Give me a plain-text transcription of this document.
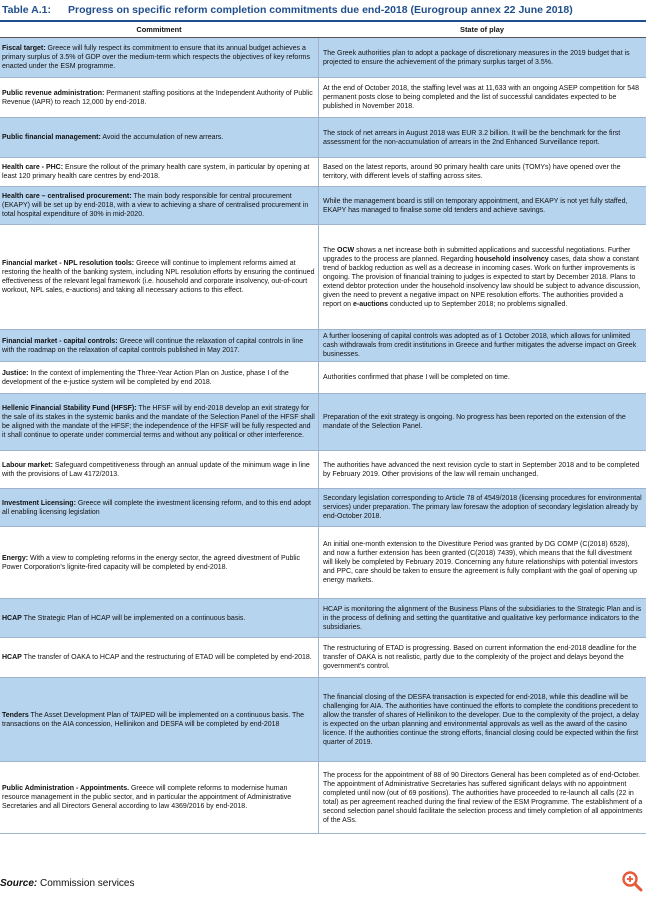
Table A.1:	Progress on specific reform completion commitments due end-2018 (Eurogroup annex 22 June 2018)
Commitment	State of play
Fiscal target: Greece will fully respect its commitment to ensure that its annual budget achieves a primary surplus of 3.5% of GDP over the medium-term which respects the objectives of key reforms enacted under the ESM programme.
The Greek authorities plan to adopt a package of discretionary measures in the 2019 budget that is projected to ensure the achievement of the primary surplus target of 3.5%.
Public revenue administration: Permanent staffing positions at the Independent Authority of Public Revenue (IAPR) to reach 12,000 by end-2018.
At the end of October 2018, the staffing level was at 11,633 with an ongoing ASEP competition for 548 permanent posts close to being completed and the list of successful candidates expected to be published in November 2018.
Public financial management: Avoid the accumulation of new arrears.
The stock of net arrears in August 2018 was EUR 3.2 billion. It will be the benchmark for the first assessment for the non-accumulation of arrears in the 2nd Enhanced Surveillance report.
Health care - PHC: Ensure the rollout of the primary health care system, in particular by opening at least 120 primary health care centres by end-2018.
Based on the latest reports, around 90 primary health care units (TOMYs) have opened over the territory, with different levels of staffing across sites.
Health care – centralised procurement: The main body responsible for central procurement (EKAPY) will be set up by end-2018, with a view to achieving a share of centralised procurement in total hospital expenditure of 30% in mid-2020.
While the management board is still on temporary appointment, and EKAPY is not yet fully staffed, EKAPY has managed to finalise some old tenders and achieve savings.
Financial market - NPL resolution tools: Greece will continue to implement reforms aimed at restoring the health of the banking system, including NPL resolution efforts by ensuring the continued effectiveness of the relevant legal framework (i.e. household and corporate insolvency, out-of-court workout, NPL sales, e-auctions) and taking all necessary actions to this effect.
The OCW shows a net increase both in submitted applications and successful negotiations. Further upgrades to the process are planned. Regarding household insolvency cases, data show a constant trend of backlog reduction as well as a decrease in incoming cases. Work on further improvements is ongoing. The provision of financial training to judges is expected to start by December 2018. Plans to extend debtor protection under the household insolvency law should be subject to advance discussion, given the need to prevent a negative impact on NPE resolution efforts. The authorities provided a report on e-auctions conducted up to September 2018; no problems signalled.
Financial market - capital controls: Greece will continue the relaxation of capital controls in line with the roadmap on the relaxation of capital controls published in May 2017.
A further loosening of capital controls was adopted as of 1 October 2018, which allows for unlimited cash withdrawals from credit institutions in Greece and further mitigates the adverse impact on Greek businesses.
Justice: In the context of implementing the Three-Year Action Plan on Justice, phase I of the development of the e-justice system will be completed by end 2018.
Authorities confirmed that phase I will be completed on time.
Hellenic Financial Stability Fund (HFSF): The HFSF will by end-2018 develop an exit strategy for the sale of its stakes in the systemic banks and the mandate of the Selection Panel of the HFSF shall be aligned with the mandate of the HFSF; the independence of the HFSF will be fully respected and it shall continue to operate under commercial terms and without any political or other interference.
Preparation of the exit strategy is ongoing. No progress has been reported on the extension of the mandate of the Selection Panel.
Labour market: Safeguard competitiveness through an annual update of the minimum wage in line with the provisions of Law 4172/2013.
The authorities have advanced the next revision cycle to start in September 2018 and to be completed by February 2019. Other provisions of the law will remain unchanged.
Investment Licensing: Greece will complete the investment licensing reform, and to this end adopt all enabling licensing legislation
Secondary legislation corresponding to Article 78 of 4549/2018 (licensing procedures for environmental services) under preparation. The primary law foresaw the adoption of secondary legislation already by end-October 2018.
Energy: With a view to completing reforms in the energy sector, the agreed divestment of Public Power Corporation's lignite-fired capacity will be completed by end-2018.
An initial one-month extension to the Divestiture Period was granted by DG COMP (C(2018) 6528), and now a further extension has been granted (C(2018) 7439), which means that the full divestment will likely be completed by February 2019. Concerning any future relationships with potential investors and PPC, care should be taken to ensure the agreement is fully compliant with the goal of opening up energy markets.
HCAP The Strategic Plan of HCAP will be implemented on a continuous basis.
HCAP is monitoring the alignment of the Business Plans of the subsidiaries to the Strategic Plan and is in the process of defining and setting the quantitative and qualitative key performance indicators to the subsidiaries.
HCAP The transfer of OAKA to HCAP and the restructuring of ETAD will be completed by end-2018.
The restructuring of ETAD is progressing. Based on current information the end-2018 deadline for the transfer of OAKA is not realistic, partly due to the complexity of the project and delays beyond the government's control.
Tenders The Asset Development Plan of TAIPED will be implemented on a continuous basis. The transactions on the AIA concession, Hellinikon and DESFA will be completed by end-2018
The financial closing of the DESFA transaction is expected for end-2018, while this deadline will be challenging for AIA. The authorities have continued the efforts to complete the conditions precedent to allow the transfer of shares of Hellinikon to the developer. Due to the complexity of the project, a delay is expected on the urban planning and environmental approvals as well as the award of the casino licence. If the authorities continue the strong efforts, financial closing could be expected within the first quarter of 2019.
Public Administration - Appointments. Greece will complete reforms to modernise human resource management in the public sector, and in particular the appointment of Administrative Secretaries and all Directors General according to law 4369/2016 by end-2018.
The process for the appointment of 88 of 90 Directors General has been completed as of end-October. The appointment of Administrative Secretaries has suffered significant delays with no appointment completed until now (out of 69 positions). The authorities have proceeded to re-launch all calls (22 in total) as per agreement reached during the final review of the ESM Programme. The establishment of a second selection panel should facilitate the selection process and timely completion of all appointments of the ASs.
Source: Commission services
